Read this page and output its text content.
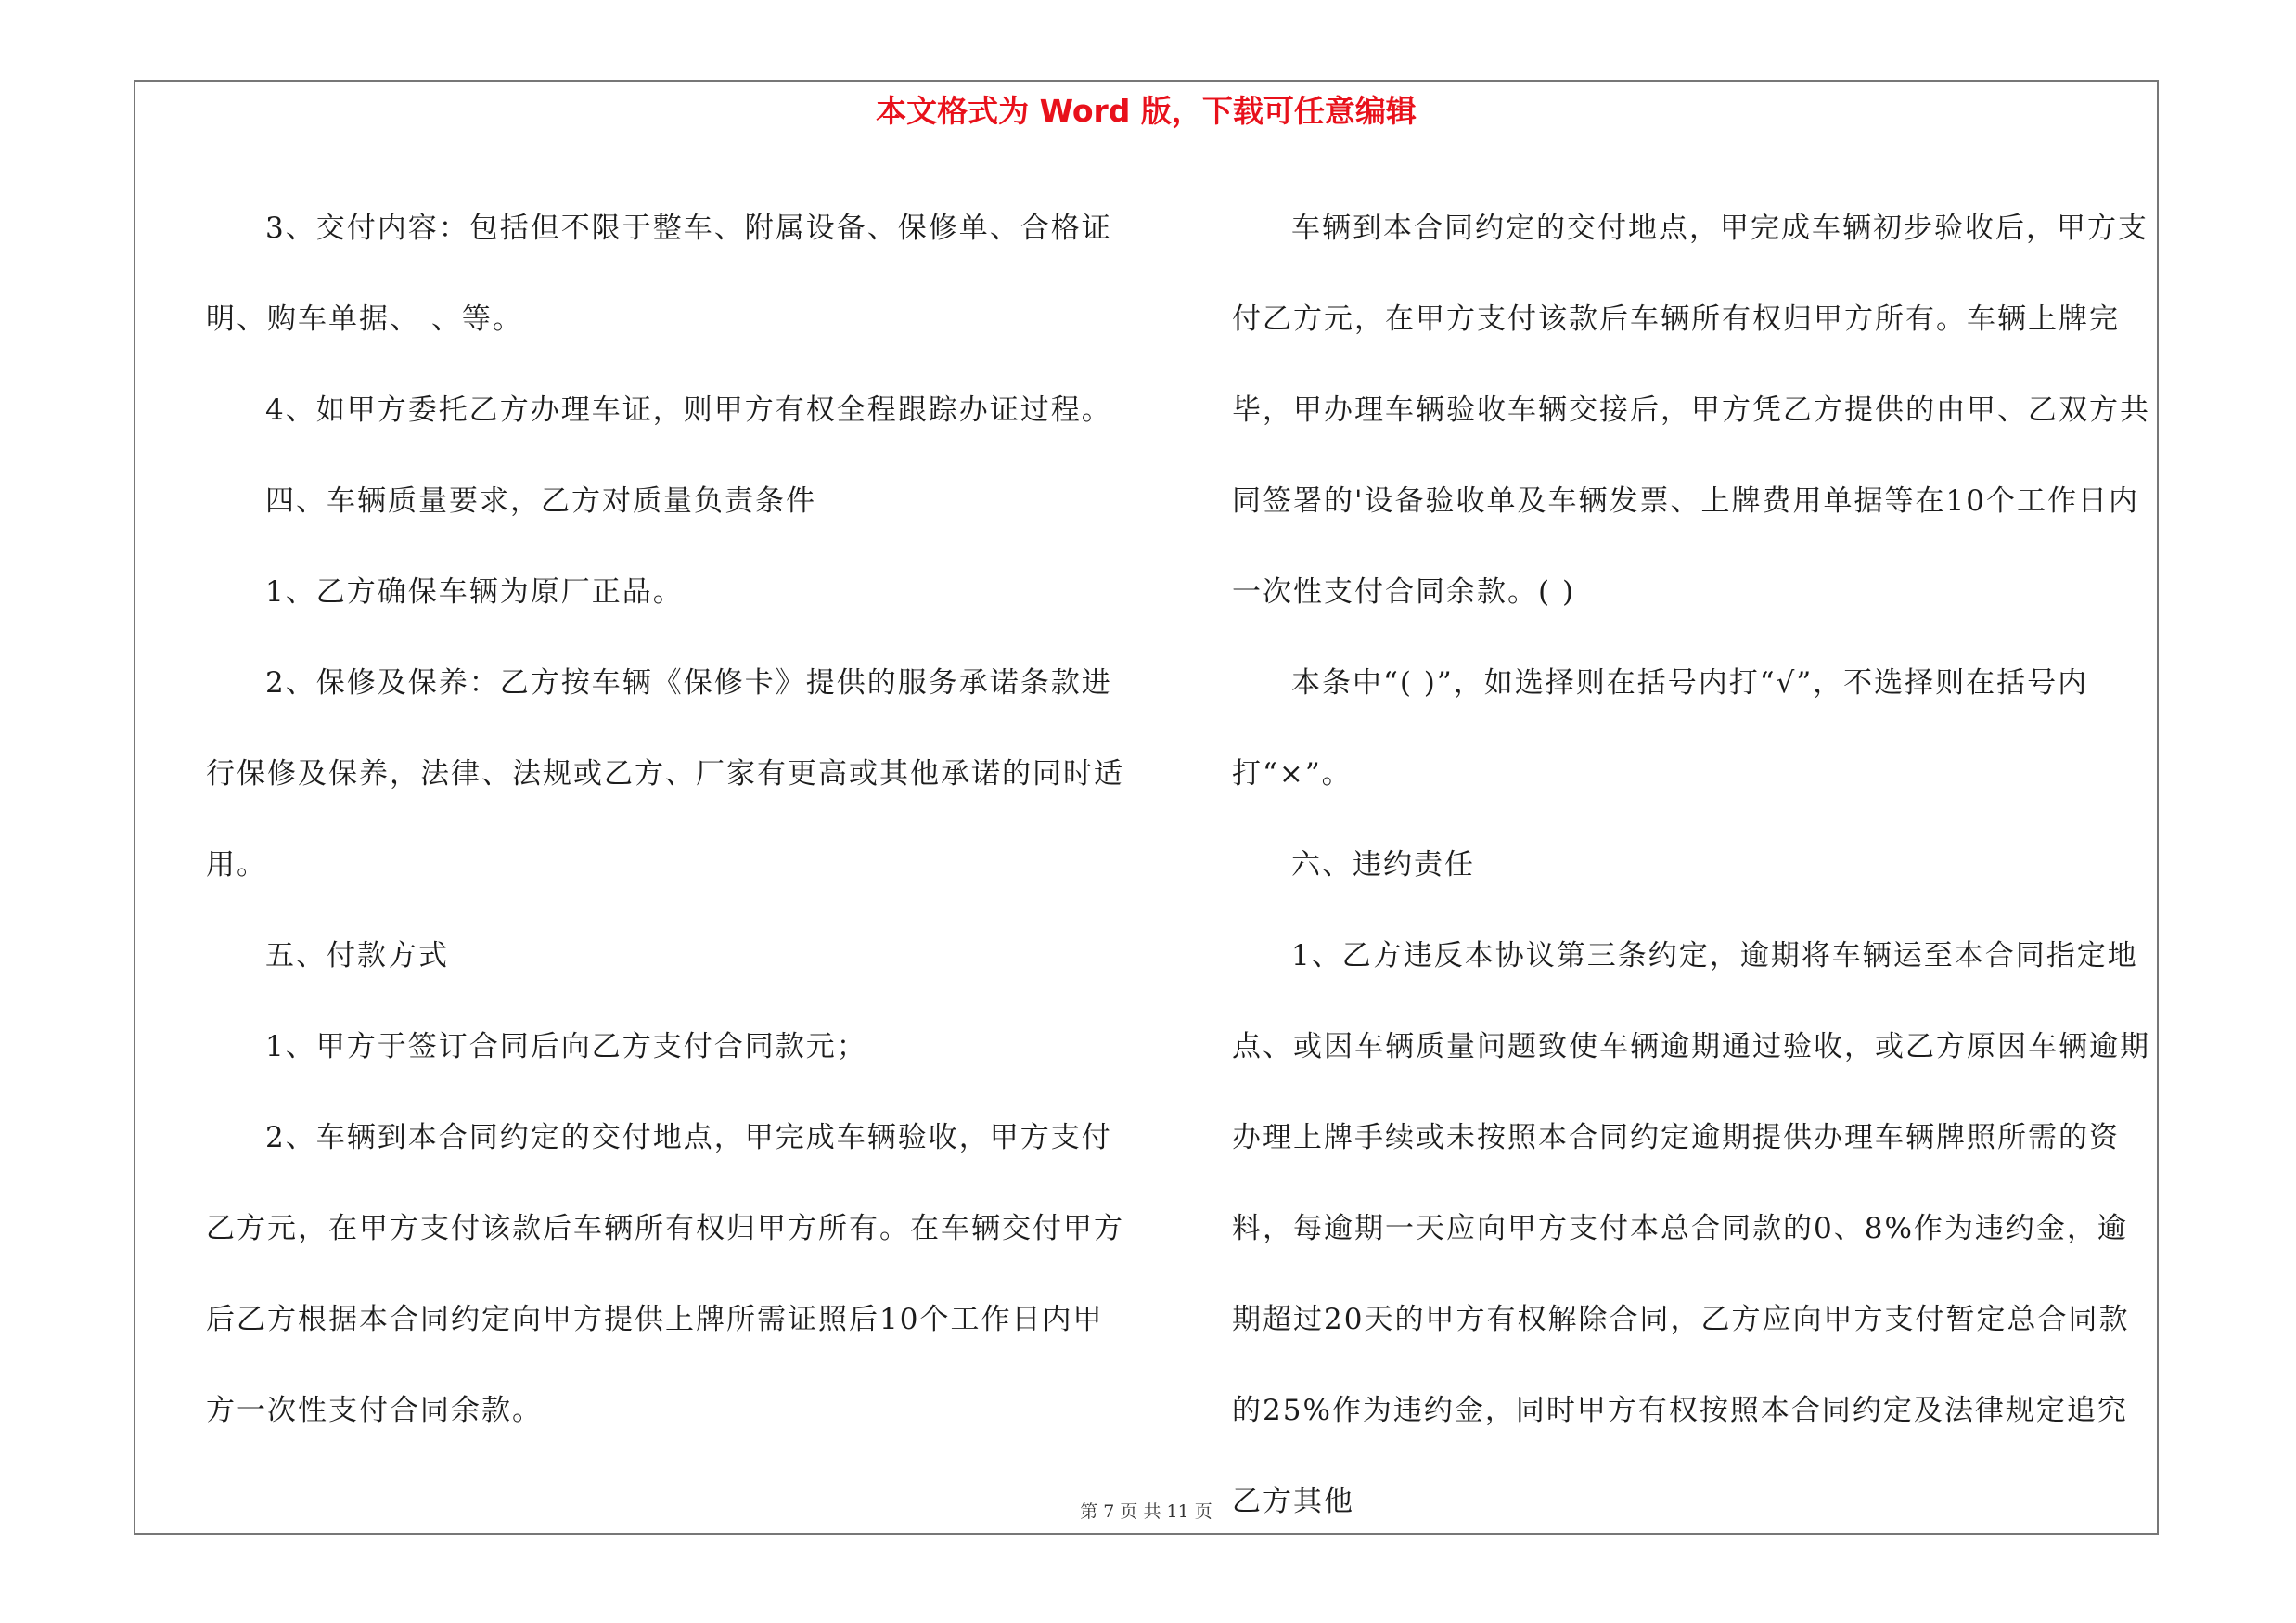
本文格式为 Word 版，下载可任意编辑

3、交付内容：包括但不限于整车、附属设备、保修单、合格证明、购车单据、 、等。

4、如甲方委托乙方办理车证，则甲方有权全程跟踪办证过程。

四、车辆质量要求，乙方对质量负责条件

1、乙方确保车辆为原厂正品。

2、保修及保养：乙方按车辆《保修卡》提供的服务承诺条款进行保修及保养，法律、法规或乙方、厂家有更高或其他承诺的同时适用。

五、付款方式

1、甲方于签订合同后向乙方支付合同款元；

2、车辆到本合同约定的交付地点，甲完成车辆验收，甲方支付乙方元，在甲方支付该款后车辆所有权归甲方所有。在车辆交付甲方后乙方根据本合同约定向甲方提供上牌所需证照后10个工作日内甲方一次性支付合同余款。

车辆到本合同约定的交付地点，甲完成车辆初步验收后，甲方支付乙方元，在甲方支付该款后车辆所有权归甲方所有。车辆上牌完毕，甲办理车辆验收车辆交接后，甲方凭乙方提供的由甲、乙双方共同签署的'设备验收单及车辆发票、上牌费用单据等在10个工作日内一次性支付合同余款。( )

本条中“( )”，如选择则在括号内打“√”，不选择则在括号内打“×”。

六、违约责任

1、乙方违反本协议第三条约定，逾期将车辆运至本合同指定地点、或因车辆质量问题致使车辆逾期通过验收，或乙方原因车辆逾期办理上牌手续或未按照本合同约定逾期提供办理车辆牌照所需的资料，每逾期一天应向甲方支付本总合同款的0、8%作为违约金，逾期超过20天的甲方有权解除合同，乙方应向甲方支付暂定总合同款的25%作为违约金，同时甲方有权按照本合同约定及法律规定追究乙方其他

第 7 页 共 11 页
